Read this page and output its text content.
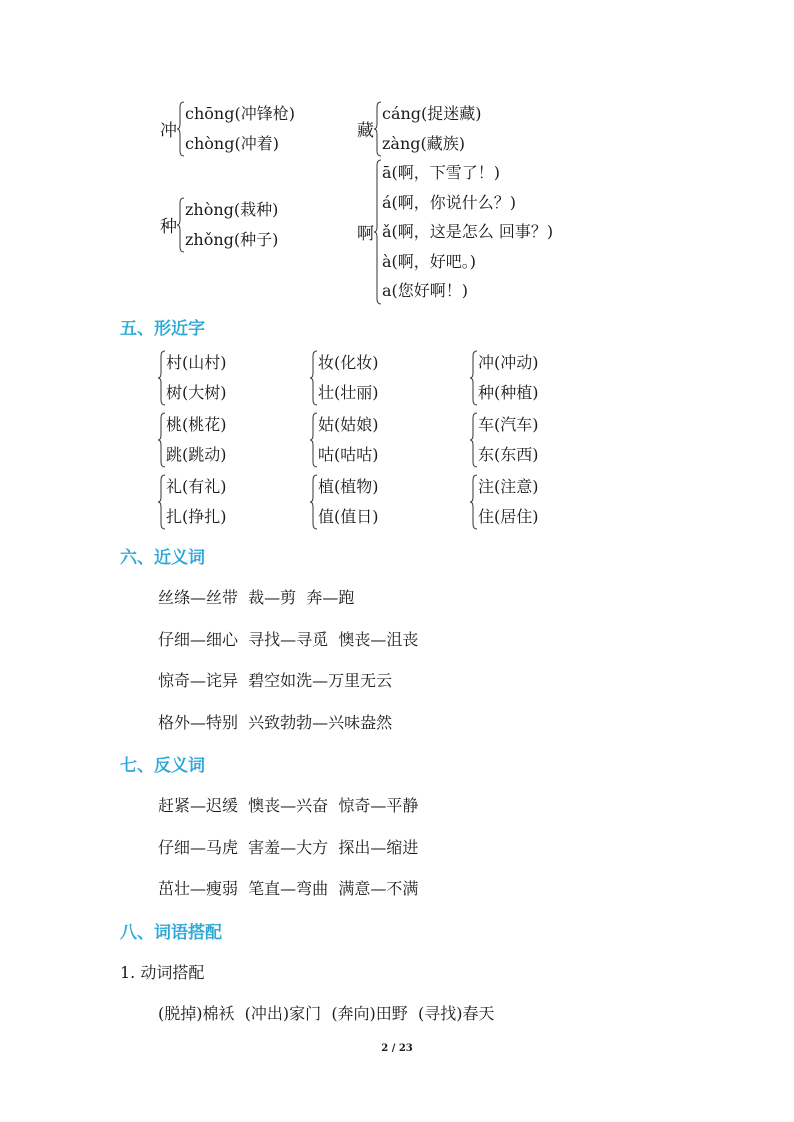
冲
chōng(冲锋枪)
chòng(冲着)
藏
cáng(捉迷藏)
zàng(藏族)
种
zhòng(栽种)
zhǒng(种子)	啊
ā(啊，下雪了！)
á(啊，你说什么？)
ǎ(啊，这是怎么 回事？)
à(啊，好吧。)
a(您好啊！)
五、形近字
村(山村)
树(大树)
妆(化妆)
壮(壮丽)
冲(冲动)
种(种植)
桃(桃花)
跳(跳动)
姑(姑娘)
咕(咕咕)
车(汽车)
东(东西)
礼(有礼)
扎(挣扎)
植(植物)
值(值日)
注(注意)
住(居住)
六、近义词
丝绦—丝带  裁—剪  奔—跑
仔细—细心  寻找—寻觅  懊丧—沮丧
惊奇—诧异  碧空如洗—万里无云
格外—特别  兴致勃勃—兴味盎然
七、反义词
赶紧—迟缓  懊丧—兴奋  惊奇—平静
仔细—马虎  害羞—大方  探出—缩进
茁壮—瘦弱  笔直—弯曲  满意—不满
八、词语搭配
1. 动词搭配
(脱掉)棉袄  (冲出)家门  (奔向)田野  (寻找)春天
2 / 23
